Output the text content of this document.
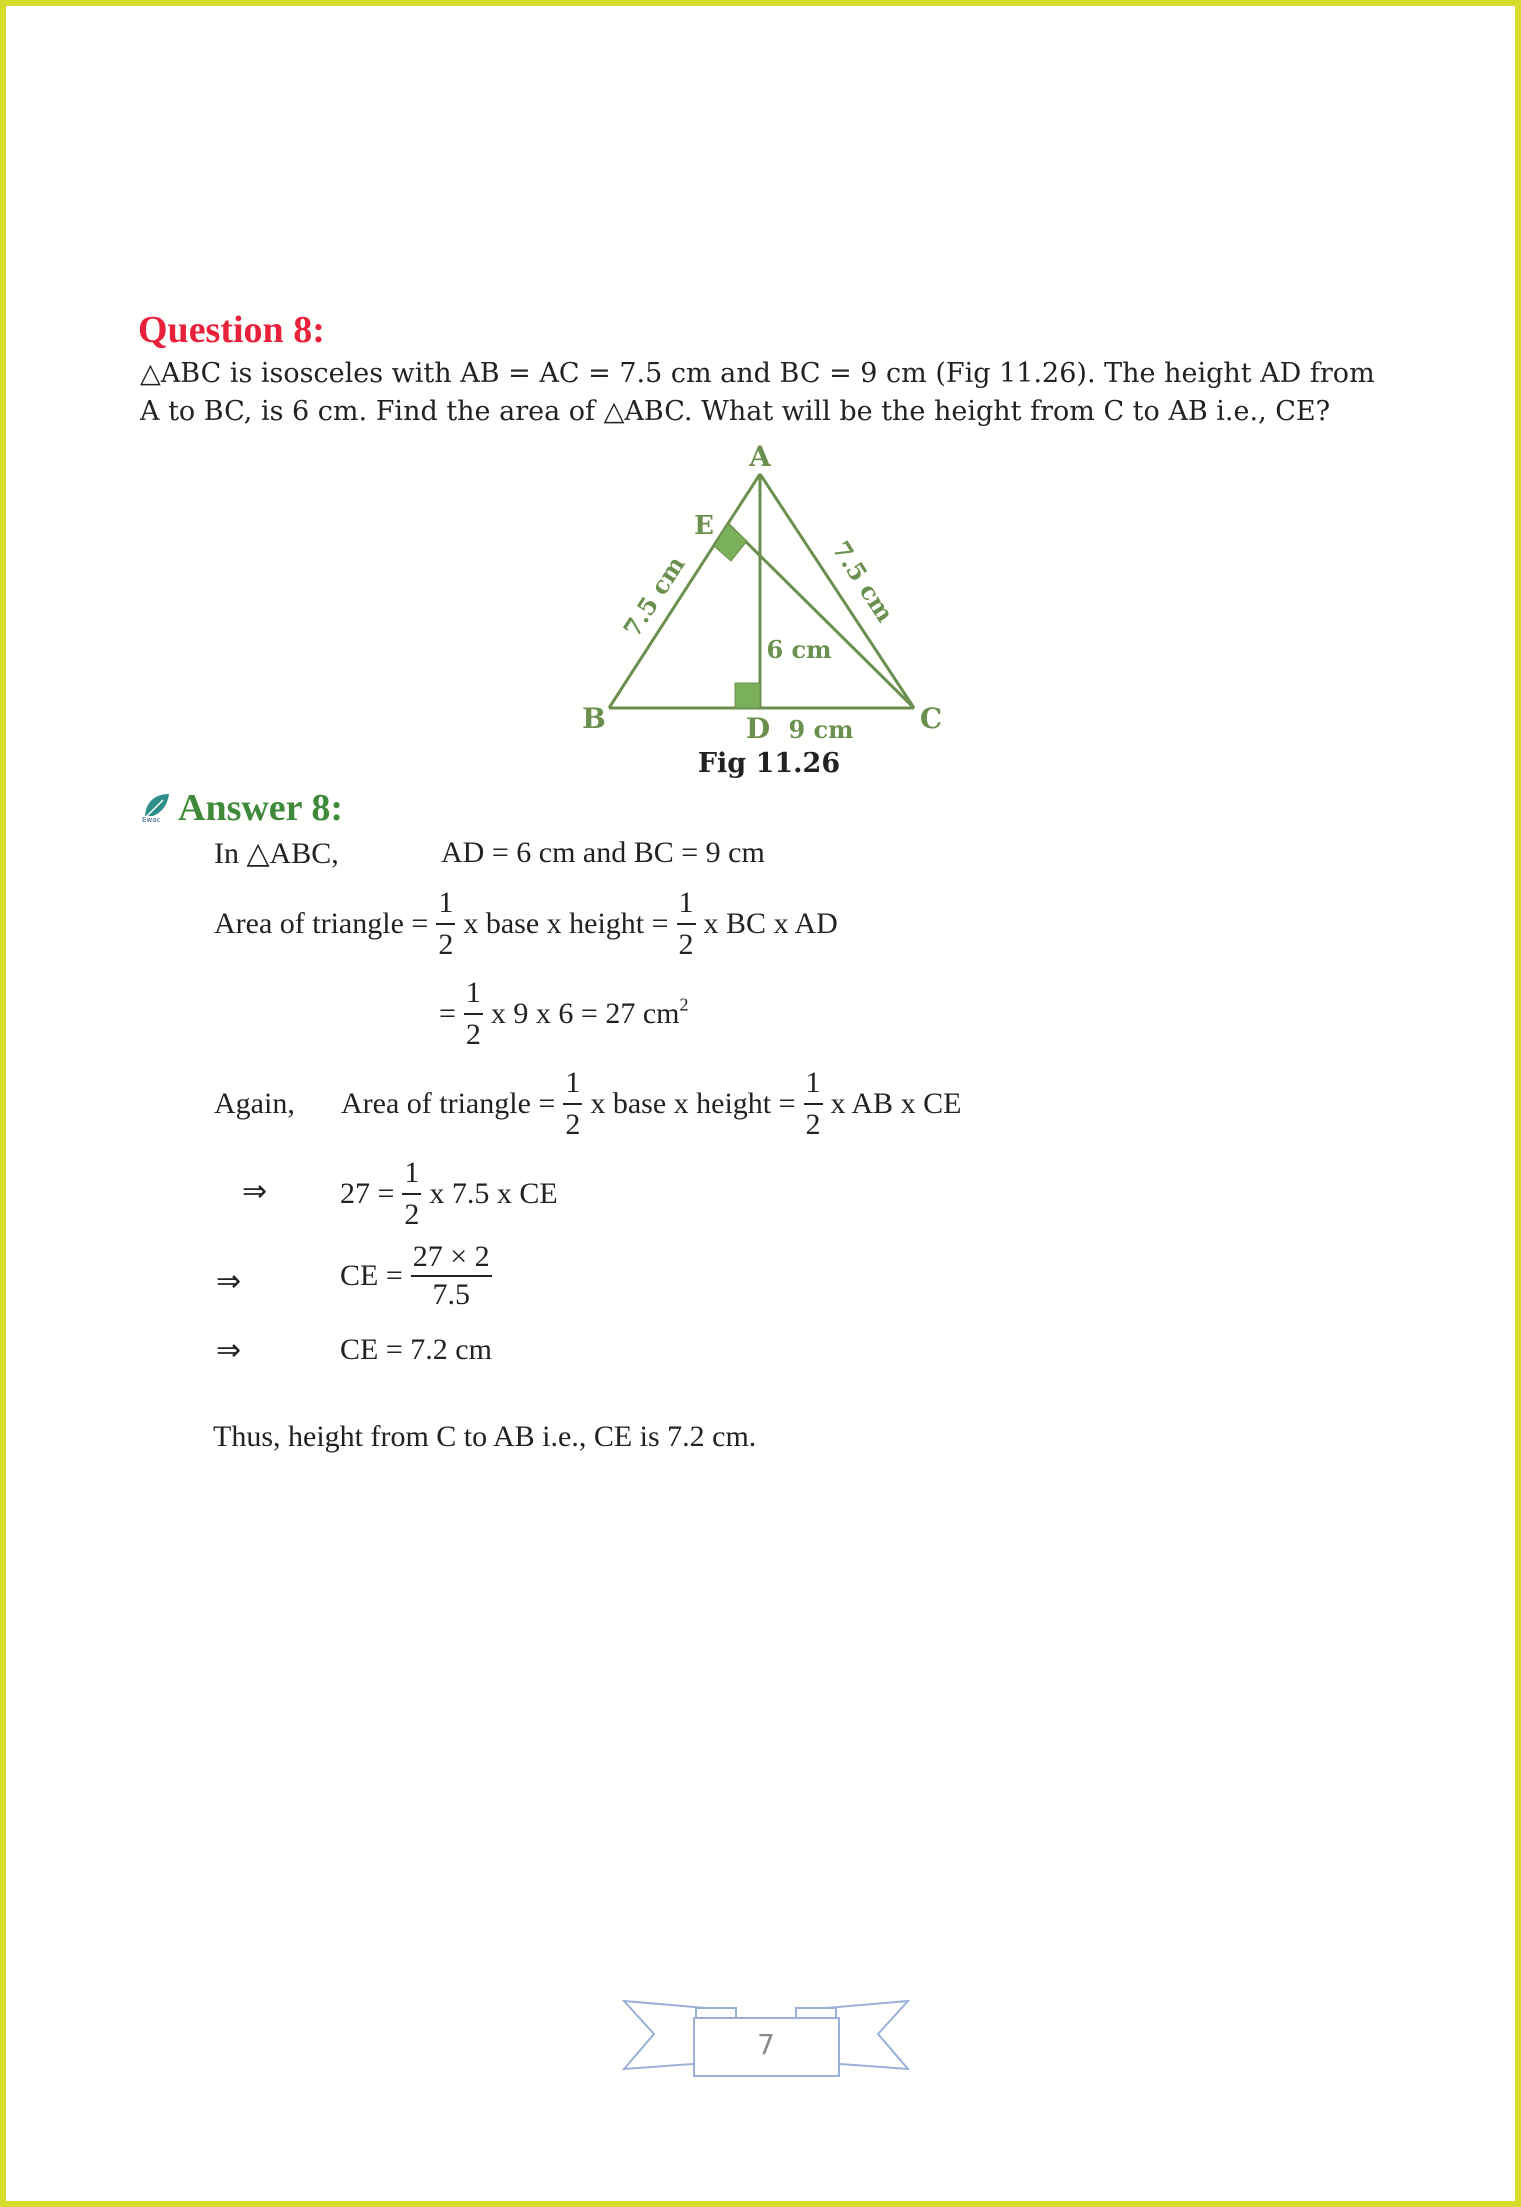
Question 8:
△ABC is isosceles with AB = AC = 7.5 cm and BC = 9 cm (Fig 11.26). The height AD from
A to BC, is 6 cm. Find the area of △ABC. What will be the height from C to AB i.e., CE?
A
E
B	C
D 9 cm
6 cm
7.5 cm	7.5 cm
Fig 11.26
Ewac Answer 8:
In △ABC,	AD = 6 cm and BC = 9 cm
Area of triangle = $\frac{1}{2}$ x base x height = $\frac{1}{2}$ x BC x AD
= $\frac{1}{2}$ x 9 x 6 = 27 $cm^2$
Again,	Area of triangle = $\frac{1}{2}$ x base x height = $\frac{1}{2}$ x AB x CE
⇒ $27 = \frac{1}{2}$ x 7.5 x CE
⇒	CE = $\frac{27 \times 2}{7.5}$
⇒	CE = 7.2 cm
Thus, height from C to AB i.e., CE is 7.2 cm.
7
